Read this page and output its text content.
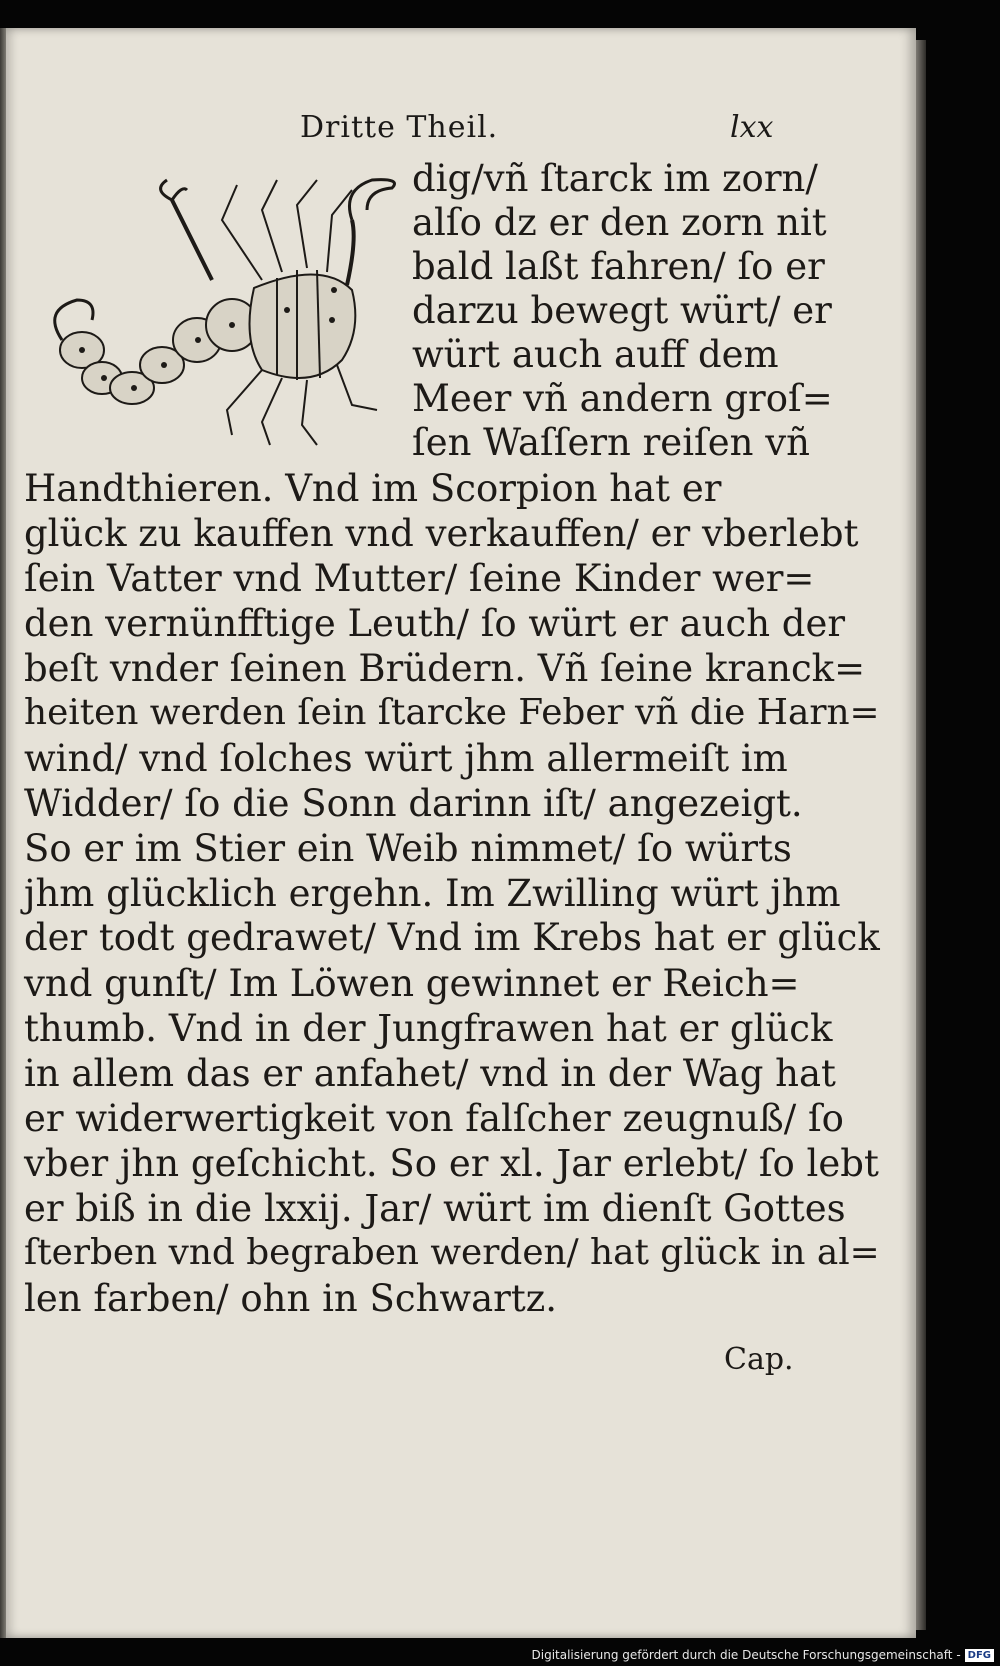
Dritte Theil.	lxx
dig/vñ ſtarck im zorn/
alſo dz er den zorn nit
bald laßt fahren/ ſo er
darzu bewegt würt/ er
würt auch auff dem
Meer vñ andern groſ=
ſen Waſſern reiſen vñ
Handthieren. Vnd im Scorpion hat er
glück zu kauffen vnd verkauffen/ er vberlebt
ſein Vatter vnd Mutter/ ſeine Kinder wer=
den vernünfftige Leuth/ ſo würt er auch der
beſt vnder ſeinen Brüdern. Vñ ſeine kranck=
heiten werden ſein ſtarcke Feber vñ die Harn=
wind/ vnd ſolches würt jhm allermeiſt im
Widder/ ſo die Sonn darinn iſt/ angezeigt.
So er im Stier ein Weib nimmet/ ſo würts
jhm glücklich ergehn. Im Zwilling würt jhm
der todt gedrawet/ Vnd im Krebs hat er glück
vnd gunſt/ Im Löwen gewinnet er Reich=
thumb. Vnd in der Jungfrawen hat er glück
in allem das er anfahet/ vnd in der Wag hat
er widerwertigkeit von falſcher zeugnuß/ ſo
vber jhn geſchicht. So er xl. Jar erlebt/ ſo lebt
er biß in die lxxij. Jar/ würt im dienſt Gottes
ſterben vnd begraben werden/ hat glück in al=
len farben/ ohn in Schwartz.
Cap.
Digitalisierung gefördert durch die Deutsche Forschungsgemeinschaft - DFG
